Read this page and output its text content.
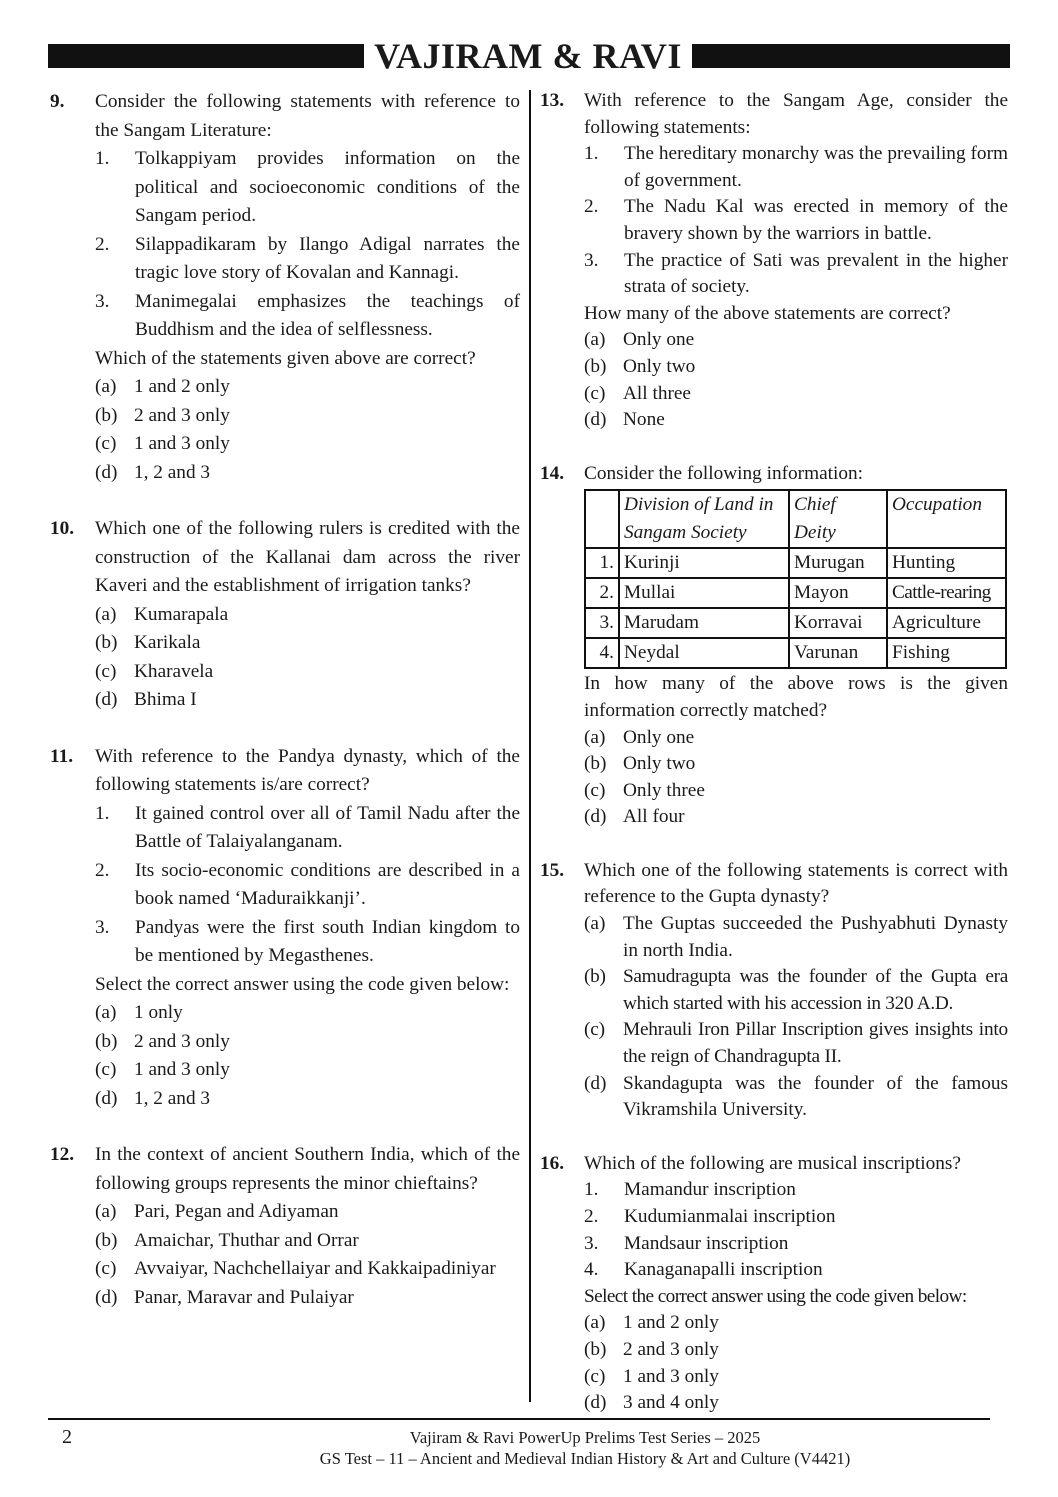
VAJIRAM & RAVI
9. Consider the following statements with reference to the Sangam Literature:
1. Tolkappiyam provides information on the political and socioeconomic conditions of the Sangam period.
2. Silappadikaram by Ilango Adigal narrates the tragic love story of Kovalan and Kannagi.
3. Manimegalai emphasizes the teachings of Buddhism and the idea of selflessness.
Which of the statements given above are correct?
(a) 1 and 2 only
(b) 2 and 3 only
(c) 1 and 3 only
(d) 1, 2 and 3
10. Which one of the following rulers is credited with the construction of the Kallanai dam across the river Kaveri and the establishment of irrigation tanks?
(a) Kumarapala
(b) Karikala
(c) Kharavela
(d) Bhima I
11. With reference to the Pandya dynasty, which of the following statements is/are correct?
1. It gained control over all of Tamil Nadu after the Battle of Talaiyalanganam.
2. Its socio-economic conditions are described in a book named ‘Maduraikkanji’.
3. Pandyas were the first south Indian kingdom to be mentioned by Megasthenes.
Select the correct answer using the code given below:
(a) 1 only
(b) 2 and 3 only
(c) 1 and 3 only
(d) 1, 2 and 3
12. In the context of ancient Southern India, which of the following groups represents the minor chieftains?
(a) Pari, Pegan and Adiyaman
(b) Amaichar, Thuthar and Orrar
(c) Avvaiyar, Nachchellaiyar and Kakkaipadiniyar
(d) Panar, Maravar and Pulaiyar
13. With reference to the Sangam Age, consider the following statements:
1. The hereditary monarchy was the prevailing form of government.
2. The Nadu Kal was erected in memory of the bravery shown by the warriors in battle.
3. The practice of Sati was prevalent in the higher strata of society.
How many of the above statements are correct?
(a) Only one
(b) Only two
(c) All three
(d) None
14. Consider the following information:
	Division of Land in Sangam Society	Chief Deity	Occupation
1.	Kurinji	Murugan	Hunting
2.	Mullai	Mayon	Cattle-rearing
3.	Marudam	Korravai	Agriculture
4.	Neydal	Varunan	Fishing
In how many of the above rows is the given information correctly matched?
(a) Only one
(b) Only two
(c) Only three
(d) All four
15. Which one of the following statements is correct with reference to the Gupta dynasty?
(a) The Guptas succeeded the Pushyabhuti Dynasty in north India.
(b) Samudragupta was the founder of the Gupta era which started with his accession in 320 A.D.
(c) Mehrauli Iron Pillar Inscription gives insights into the reign of Chandragupta II.
(d) Skandagupta was the founder of the famous Vikramshila University.
16. Which of the following are musical inscriptions?
1. Mamandur inscription
2. Kudumianmalai inscription
3. Mandsaur inscription
4. Kanaganapalli inscription
Select the correct answer using the code given below:
(a) 1 and 2 only
(b) 2 and 3 only
(c) 1 and 3 only
(d) 3 and 4 only
2	Vajiram & Ravi PowerUp Prelims Test Series – 2025
GS Test – 11 – Ancient and Medieval Indian History & Art and Culture (V4421)
